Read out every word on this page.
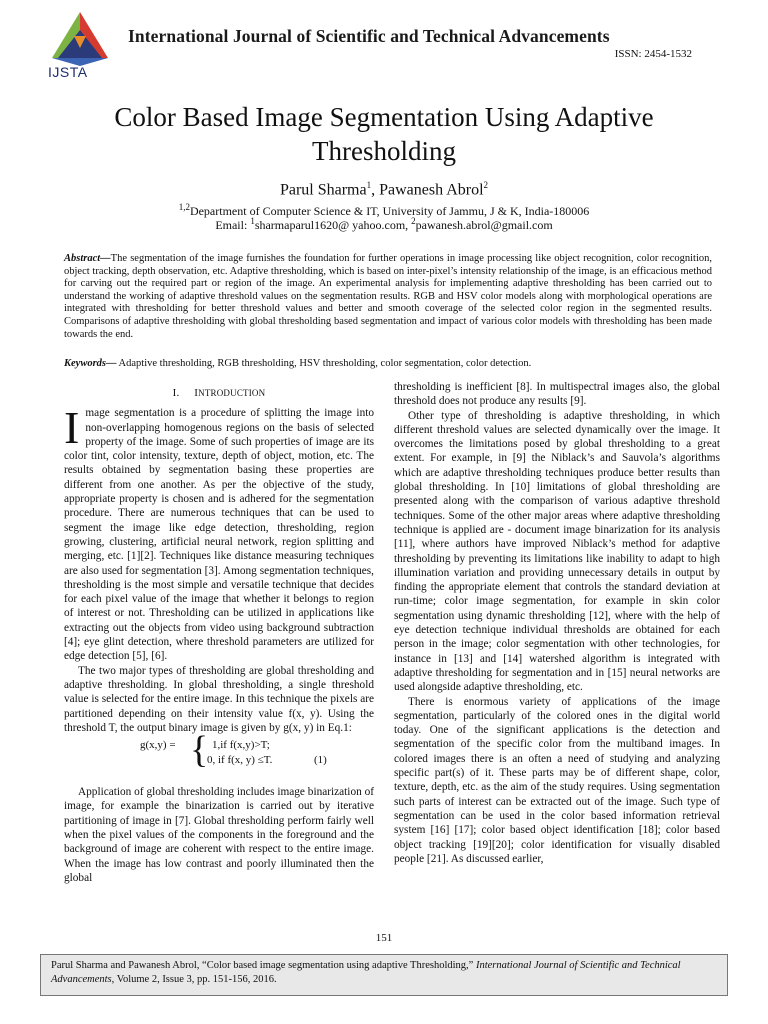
IJSTA
International Journal of Scientific and Technical Advancements
ISSN: 2454-1532
Color Based Image Segmentation Using Adaptive Thresholding
Parul Sharma$^1$, Pawanesh Abrol$^2$
$^{1,2}$Department of Computer Science & IT, University of Jammu, J & K, India-180006
Email: $^1$sharmaparul1620@ yahoo.com, $^2$pawanesh.abrol@gmail.com
Abstract—The segmentation of the image furnishes the foundation for further operations in image processing like object recognition, color recognition, object tracking, depth observation, etc. Adaptive thresholding, which is based on inter-pixel’s intensity relationship of the image, is an efficacious method for carving out the required part or region of the image. An experimental analysis for implementing adaptive thresholding has been carried out to understand the working of adaptive threshold values on the segmentation results. RGB and HSV color models along with morphological operations are integrated with thresholding for better threshold values and better and smooth coverage of the selected color region in the segmented results. Comparisons of adaptive thresholding with global thresholding based segmentation and impact of various color models with thresholding has been made towards the end.
Keywords— Adaptive thresholding, RGB thresholding, HSV thresholding, color segmentation, color detection.
I. INTRODUCTION

Image segmentation is a procedure of splitting the image into non-overlapping homogenous regions on the basis of selected property of the image. Some of such properties of image are its color tint, color intensity, texture, depth of object, motion, etc. The results obtained by segmentation basing these properties are different from one another. As per the objective of the study, appropriate property is chosen and is adhered for the segmentation procedure. There are numerous techniques that can be used to segment the image like edge detection, thresholding, region growing, clustering, artificial neural network, region splitting and merging, etc. [1][2]. Techniques like distance measuring techniques are also used for segmentation [3]. Among segmentation techniques, thresholding is the most simple and versatile technique that decides for each pixel value of the image that whether it belongs to region of interest or not. Thresholding can be utilized in applications like extracting out the objects from video using background subtraction [4]; eye glint detection, where threshold parameters are utilized for edge detection [5], [6].

The two major types of thresholding are global thresholding and adaptive thresholding. In global thresholding, a single threshold value is selected for the entire image. In this technique the pixels are partitioned depending on their intensity value f(x, y). Using the threshold T, the output binary image is given by g(x, y) in Eq.1:

g(x,y) = { 1,if f(x,y)>T;
0, if f(x, y) ≤T.	(1)

Application of global thresholding includes image binarization of image, for example the binarization is carried out by iterative partitioning of image in [7]. Global thresholding perform fairly well when the pixel values of the components in the foreground and the background of image are coherent with respect to the entire image. When the image has low contrast and poorly illuminated then the global

thresholding is inefficient [8]. In multispectral images also, the global threshold does not produce any results [9].

Other type of thresholding is adaptive thresholding, in which different threshold values are selected dynamically over the image. It overcomes the limitations posed by global thresholding to a great extent. For example, in [9] the Niblack’s and Sauvola’s algorithms which are adaptive thresholding techniques produce better results than global thresholding. In [10] limitations of global thresholding are presented along with the comparison of various adaptive threshold techniques. Some of the other major areas where adaptive thresholding technique is applied are - document image binarization for its analysis [11], where authors have improved Niblack’s method for adaptive thresholding by preventing its limitations like inability to adapt to high illumination variation and providing unnecessary details in output by finding the appropriate element that controls the standard deviation at run-time; color image segmentation, for example in skin color segmentation using dynamic thresholding [12], where with the help of eye detection technique individual thresholds are obtained for each person in the image; color segmentation with other technologies, for instance in [13] and [14] watershed algorithm is integrated with adaptive thresholding for segmentation and in [15] neural networks are used alongside adaptive thresholding, etc.

There is enormous variety of applications of the image segmentation, particularly of the colored ones in the digital world today. One of the significant applications is the detection and segmentation of the specific color from the multiband images. In colored images there is an often a need of studying and analyzing specific part(s) of it. These parts may be of different shape, color, texture, depth, etc. as the aim of the study requires. Using segmentation such parts of interest can be extracted out of the image. Such type of segmentation can be used in the color based information retrieval system [16] [17]; color based object identification [18]; color based object tracking [19][20]; color identification for visually disabled people [21]. As discussed earlier,

151
Parul Sharma and Pawanesh Abrol, “Color based image segmentation using adaptive Thresholding,” International Journal of Scientific and Technical Advancements, Volume 2, Issue 3, pp. 151-156, 2016.
